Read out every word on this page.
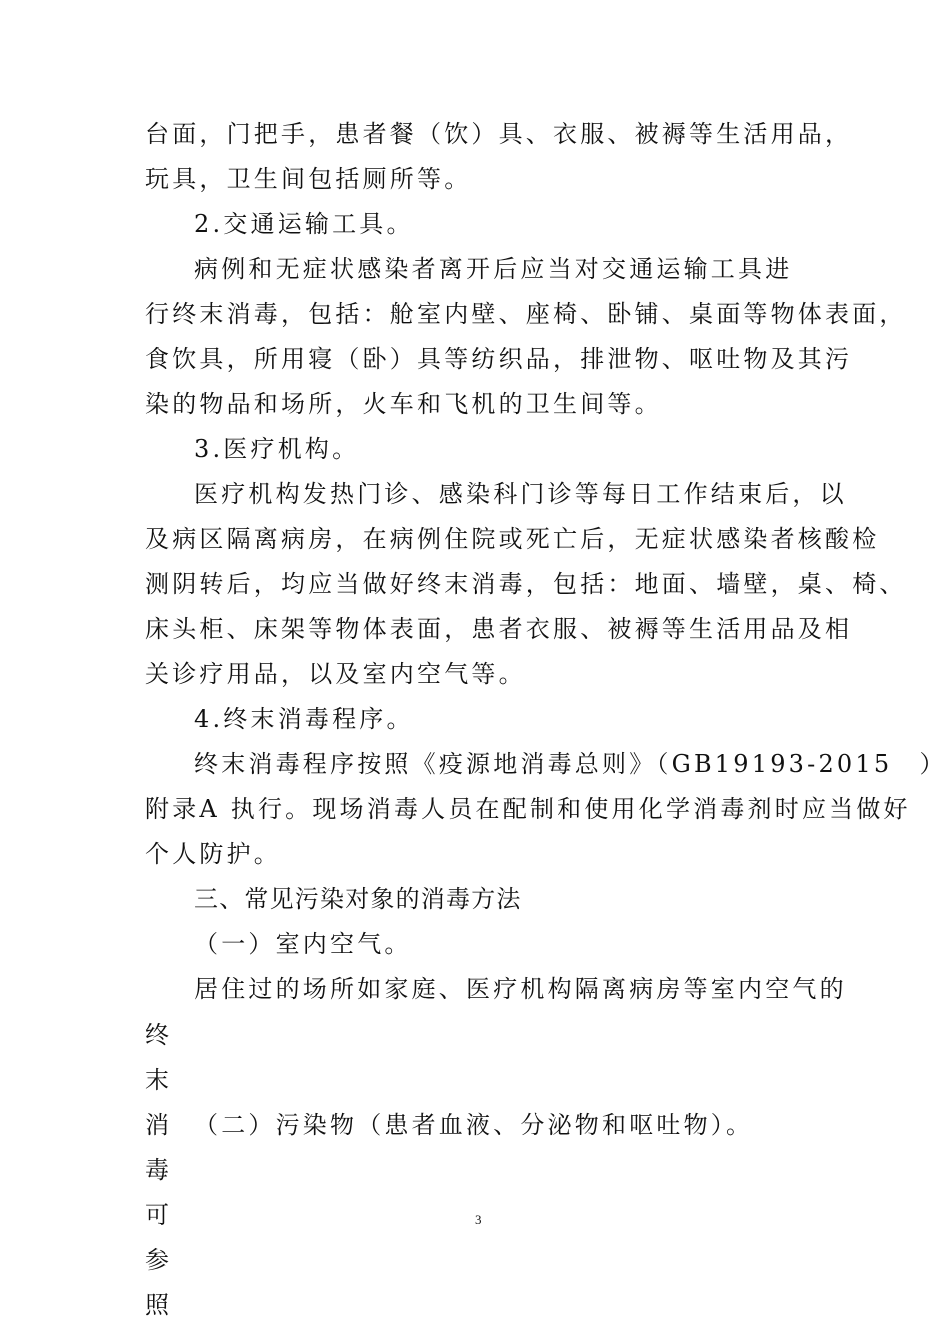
台面，门把手，患者餐（饮）具、衣服、被褥等生活用品，
玩具，卫生间包括厕所等。
2.交通运输工具。
病例和无症状感染者离开后应当对交通运输工具进
行终末消毒，包括：舱室内壁、座椅、卧铺、桌面等物体表面，
食饮具，所用寝（卧）具等纺织品，排泄物、呕吐物及其污
染的物品和场所，火车和飞机的卫生间等。
3.医疗机构。
医疗机构发热门诊、感染科门诊等每日工作结束后，以
及病区隔离病房，在病例住院或死亡后，无症状感染者核酸检
测阴转后，均应当做好终末消毒，包括：地面、墙壁，桌、椅、
床头柜、床架等物体表面，患者衣服、被褥等生活用品及相
关诊疗用品，以及室内空气等。
4.终末消毒程序。
终末消毒程序按照《疫源地消毒总则》（GB19193-2015　）
附录A 执行。现场消毒人员在配制和使用化学消毒剂时应当做好
个人防护。
三、常见污染对象的消毒方法
（一）室内空气。
居住过的场所如家庭、医疗机构隔离病房等室内空气的
（二）污染物（患者血液、分泌物和呕吐物）。
终
末
消
毒
可
参
照
3
